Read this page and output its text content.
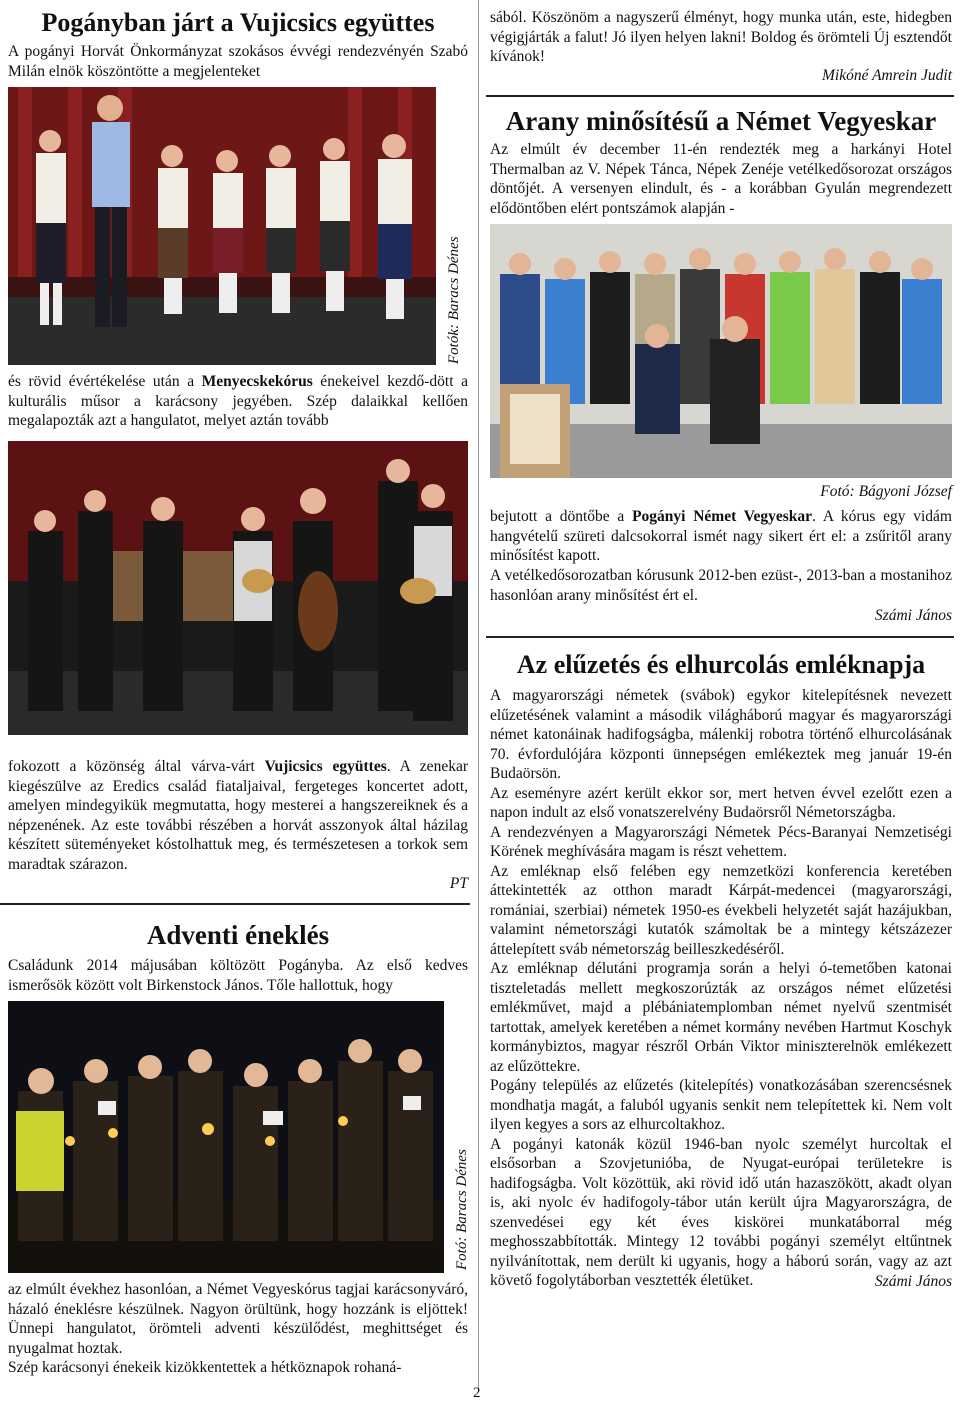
Pogányban járt a Vujicsics együttes

A pogányi Horvát Önkormányzat szokásos évvégi rendezvényén Szabó Milán elnök köszöntötte a megjelenteket

Fotók: Baracs Dénes

és rövid évértékelése után a Menyecskekórus énekeivel kezdő-dött a kulturális műsor a karácsony jegyében. Szép dalaikkal kellően megalapozták azt a hangulatot, melyet aztán tovább

fokozott a közönség által várva-várt Vujicsics együttes. A zenekar kiegészülve az Eredics család fiataljaival, fergeteges koncertet adott, amelyen mindegyikük megmutatta, hogy mesterei a hangszereiknek és a népzenének. Az este további részében a horvát asszonyok által házilag készített süteményeket kóstolhattuk meg, és természetesen a torkok sem maradtak szárazon.

PT
Adventi éneklés

Családunk 2014 májusában költözött Pogányba. Az első kedves ismerősök között volt Birkenstock János. Tőle hallottuk, hogy

Fotó: Baracs Dénes

az elmúlt évekhez hasonlóan, a Német Vegyeskórus tagjai karácsonyváró, házaló éneklésre készülnek. Nagyon örültünk, hogy hozzánk is eljöttek! Ünnepi hangulatot, örömteli adventi készülődést, meghittséget és nyugalmat hoztak.

Szép karácsonyi énekeik kizökkentettek a hétköznapok rohaná-

sából. Köszönöm a nagyszerű élményt, hogy munka után, este, hidegben végigjárták a falut! Jó ilyen helyen lakni! Boldog és örömteli Új esztendőt kívánok!

Mikóné Amrein Judit
Arany minősítésű a Német Vegyeskar

Az elmúlt év december 11-én rendezték meg a harkányi Hotel Thermalban az V. Népek Tánca, Népek Zenéje vetélkedősorozat országos döntőjét. A versenyen elindult, és - a korábban Gyulán megrendezett elődöntőben elért pontszámok alapján -

Fotó: Bágyoni József

bejutott a döntőbe a Pogányi Német Vegyeskar. A kórus egy vidám hangvételű szüreti dalcsokorral ismét nagy sikert ért el: a zsűritől arany minősítést kapott.

A vetélkedősorozatban kórusunk 2012-ben ezüst-, 2013-ban a mostanihoz hasonlóan arany minősítést ért el.

Számi János
Az elűzetés és elhurcolás emléknapja

A magyarországi németek (svábok) egykor kitelepítésnek nevezett elűzetésének valamint a második világháború magyar és magyarországi német katonáinak hadifogságba, málenkij robotra történő elhurcolásának 70. évfordulójára központi ünnepségen emlékeztek meg január 19-én Budaörsön.

Az eseményre azért került ekkor sor, mert hetven évvel ezelőtt ezen a napon indult az első vonatszerelvény Budaörsről Németországba.

A rendezvényen a Magyarországi Németek Pécs-Baranyai Nemzetiségi Körének meghívására magam is részt vehettem.

Az emléknap első felében egy nemzetközi konferencia keretében áttekintették az otthon maradt Kárpát-medencei (magyarországi, romániai, szerbiai) németek 1950-es évekbeli helyzetét saját hazájukban, valamint németországi kutatók számoltak be a mintegy kétszázezer áttelepített sváb németország beilleszkedéséről.

Az emléknap délutáni programja során a helyi ó-temetőben katonai tiszteletadás mellett megkoszorúzták az országos német elűzetési emlékművet, majd a plébániatemplomban német nyelvű szentmisét tartottak, amelyek keretében a német kormány nevében Hartmut Koschyk kormánybiztos, magyar részről Orbán Viktor miniszterelnök emlékezett az elűzöttekre.

Pogány település az elűzetés (kitelepítés) vonatkozásában szerencsésnek mondhatja magát, a faluból ugyanis senkit nem telepítettek ki. Nem volt ilyen kegyes a sors az elhurcoltakhoz.

A pogányi katonák közül 1946-ban nyolc személyt hurcoltak el elsősorban a Szovjetunióba, de Nyugat-európai területekre is hadifogságba. Volt közöttük, aki rövid idő után hazaszökött, akadt olyan is, aki nyolc év hadifogoly-tábor után került újra Magyarországra, de szenvedései egy két éves kiskörei munkatáborral még meghosszabbították. Mintegy 12 további pogányi személyt eltűntnek nyilvánítottak, nem derült ki ugyanis, hogy a háború során, vagy az azt követő fogolytáborban vesztették életüket.	Számi János
2
